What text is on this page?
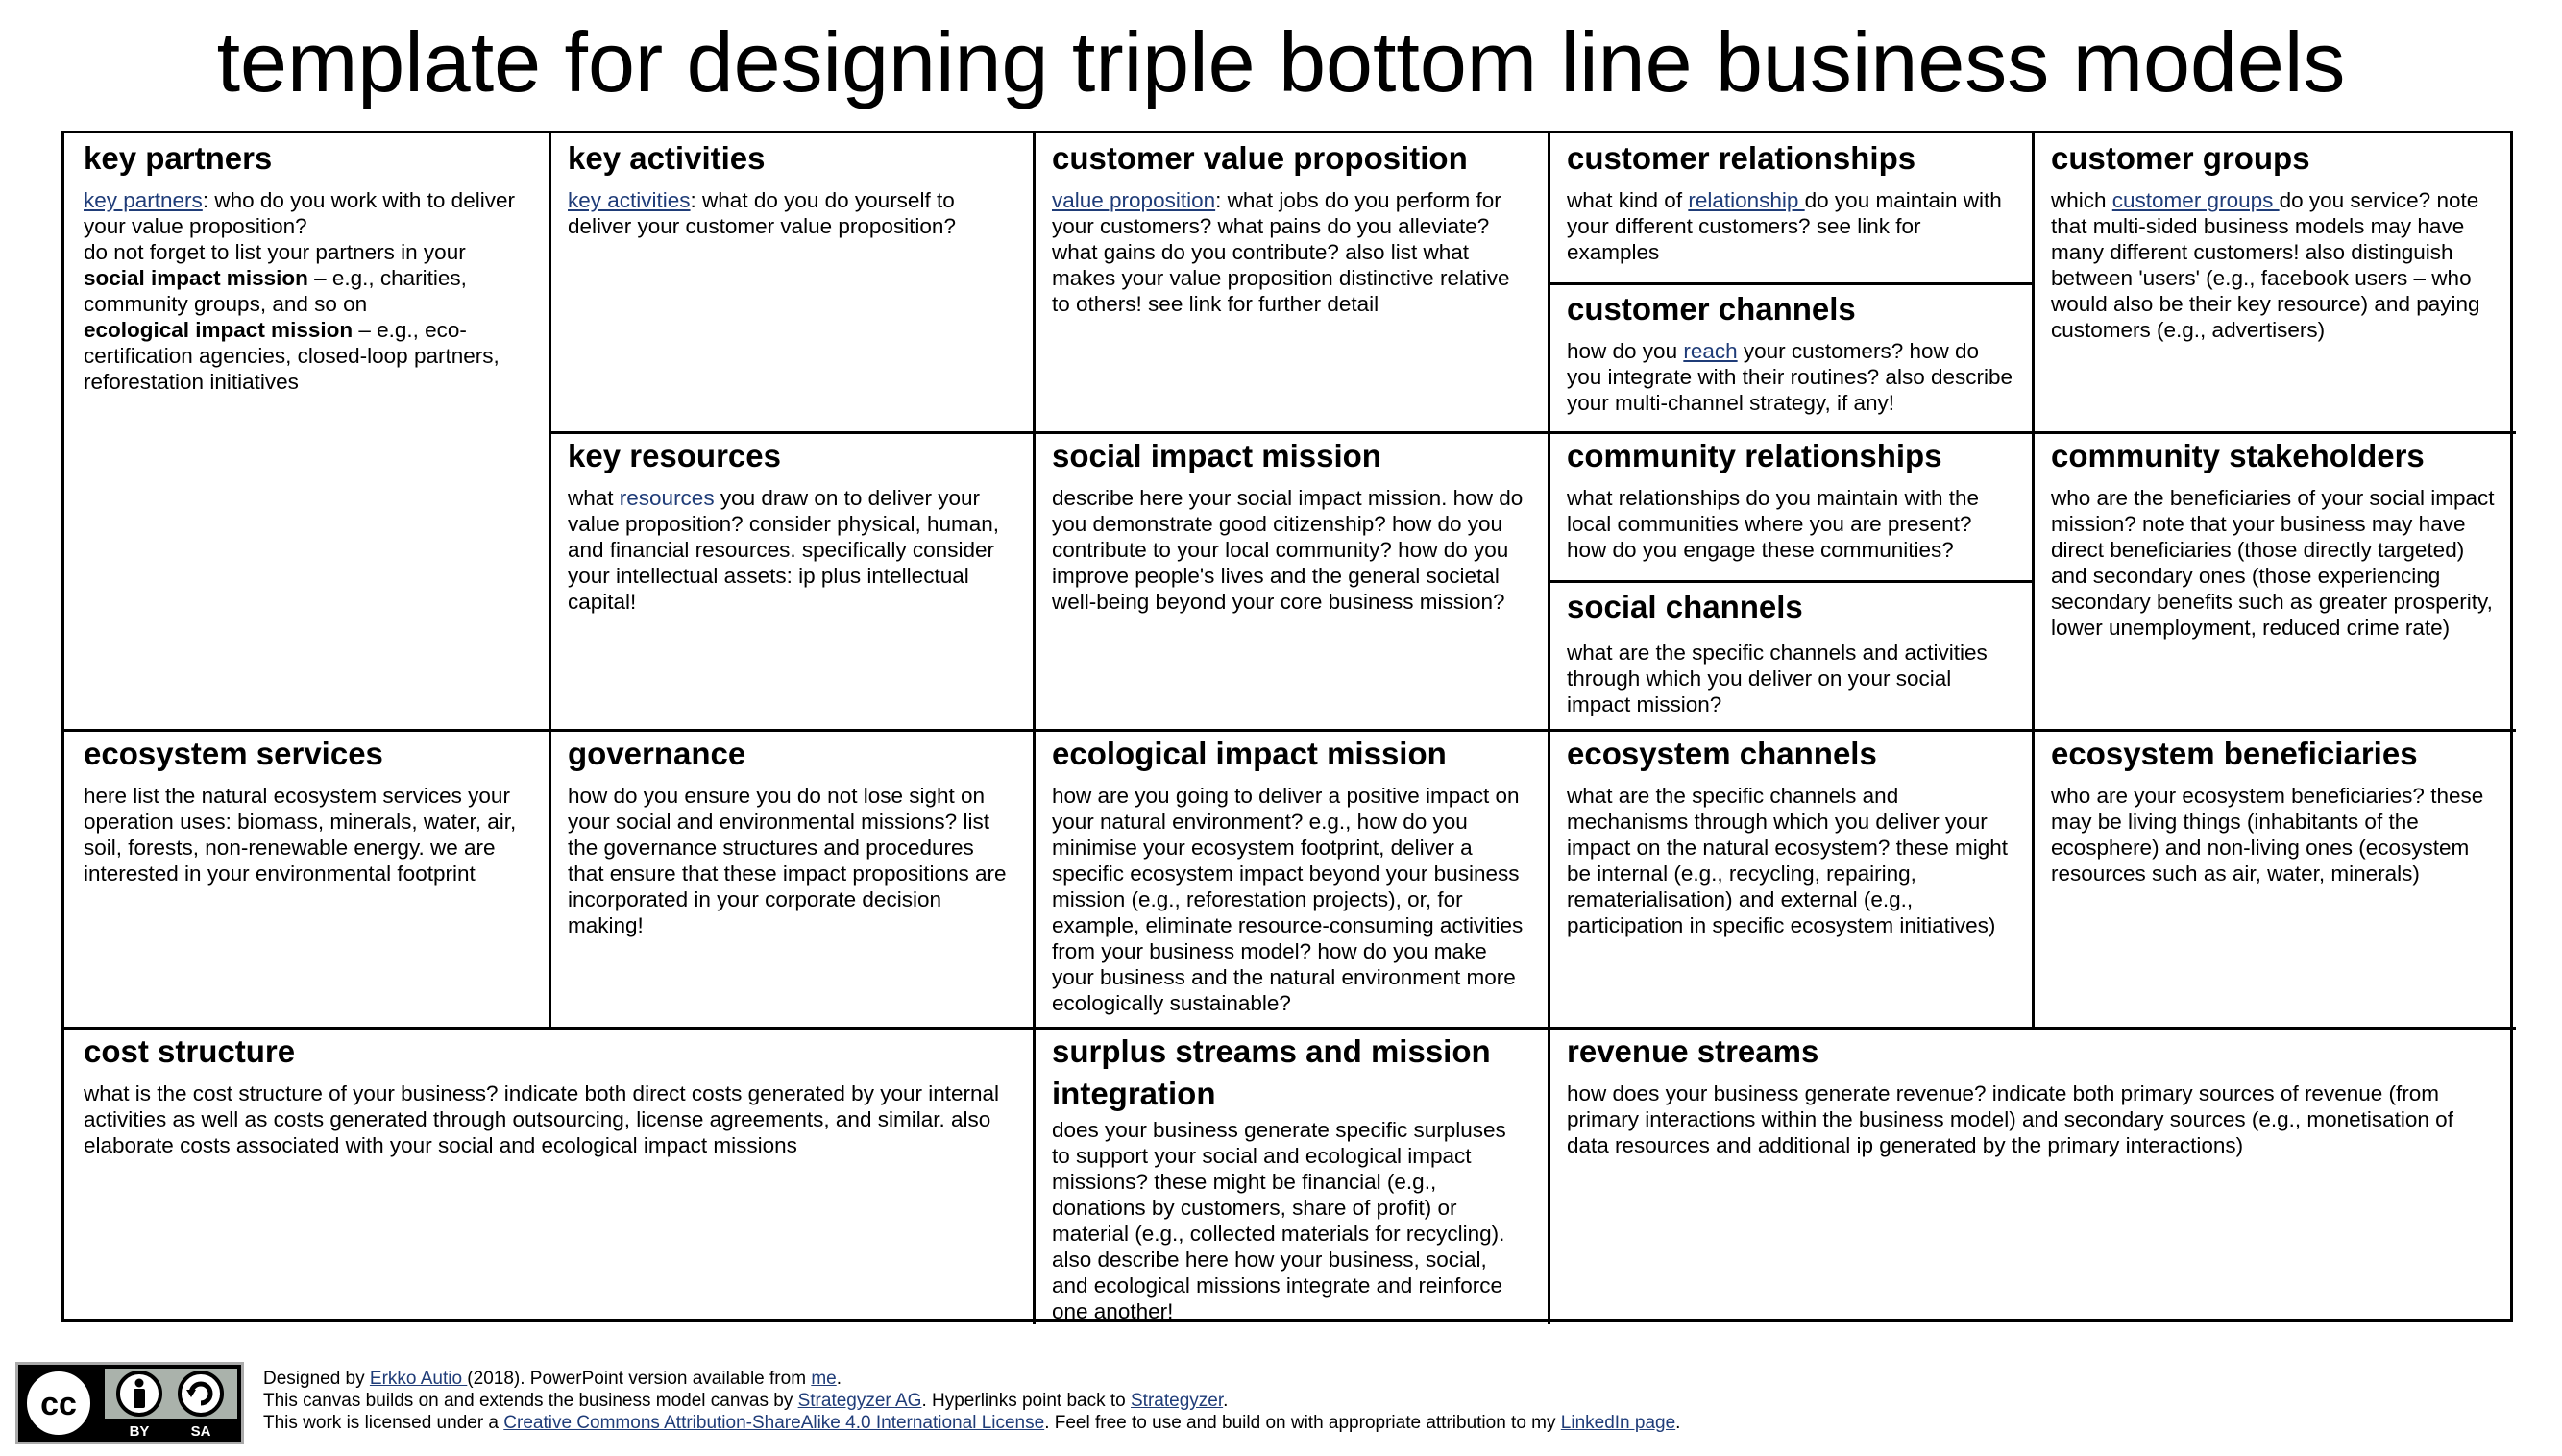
template for designing triple bottom line business models
key partners

key partners: who do you work with to deliver your value proposition?
do not forget to list your partners in your social impact mission – e.g., charities, community groups, and so on
ecological impact mission – e.g., eco-certification agencies, closed-loop partners, reforestation initiatives

key activities

key activities: what do you do yourself to deliver your customer value proposition?

customer value proposition

value proposition: what jobs do you perform for your customers? what pains do you alleviate? what gains do you contribute? also list what makes your value proposition distinctive relative to others! see link for further detail

customer relationships

what kind of relationship do you maintain with your different customers? see link for examples

customer channels

how do you reach your customers? how do you integrate with their routines? also describe your multi-channel strategy, if any!

customer groups

which customer groups do you service? note that multi-sided business models may have many different customers! also distinguish between 'users' (e.g., facebook users – who would also be their key resource) and paying customers (e.g., advertisers)

key resources

what resources you draw on to deliver your value proposition? consider physical, human, and financial resources. specifically consider your intellectual assets: ip plus intellectual capital!

social impact mission

describe here your social impact mission. how do you demonstrate good citizenship? how do you contribute to your local community? how do you improve people's lives and the general societal well-being beyond your core business mission?

community relationships

what relationships do you maintain with the local communities where you are present? how do you engage these communities?

social channels

what are the specific channels and activities through which you deliver on your social impact mission?

community stakeholders

who are the beneficiaries of your social impact mission? note that your business may have direct beneficiaries (those directly targeted) and secondary ones (those experiencing secondary benefits such as greater prosperity, lower unemployment, reduced crime rate)

ecosystem services

here list the natural ecosystem services your operation uses: biomass, minerals, water, air, soil, forests, non-renewable energy. we are interested in your environmental footprint

governance

how do you ensure you do not lose sight on your social and environmental missions? list the governance structures and procedures that ensure that these impact propositions are incorporated in your corporate decision making!

ecological impact mission

how are you going to deliver a positive impact on your natural environment? e.g., how do you minimise your ecosystem footprint, deliver a specific ecosystem impact beyond your business mission (e.g., reforestation projects), or, for example, eliminate resource-consuming activities from your business model? how do you make your business and the natural environment more ecologically sustainable?

ecosystem channels

what are the specific channels and mechanisms through which you deliver your impact on the natural ecosystem? these might be internal (e.g., recycling, repairing, rematerialisation) and external (e.g., participation in specific ecosystem initiatives)

ecosystem beneficiaries

who are your ecosystem beneficiaries? these may be living things (inhabitants of the ecosphere) and non-living ones (ecosystem resources such as air, water, minerals)

cost structure

what is the cost structure of your business? indicate both direct costs generated by your internal activities as well as costs generated through outsourcing, license agreements, and similar. also elaborate costs associated with your social and ecological impact missions

surplus streams and mission integration

does your business generate specific surpluses to support your social and ecological impact missions? these might be financial (e.g., donations by customers, share of profit) or material (e.g., collected materials for recycling). also describe here how your business, social, and ecological missions integrate and reinforce one another!

revenue streams

how does your business generate revenue? indicate both primary sources of revenue (from primary interactions within the business model) and secondary sources (e.g., monetisation of data resources and additional ip generated by the primary interactions)

cc
BY	SA
Designed by Erkko Autio (2018). PowerPoint version available from me.
This canvas builds on and extends the business model canvas by Strategyzer AG. Hyperlinks point back to Strategyzer.
This work is licensed under a Creative Commons Attribution-ShareAlike 4.0 International License. Feel free to use and build on with appropriate attribution to my LinkedIn page.
